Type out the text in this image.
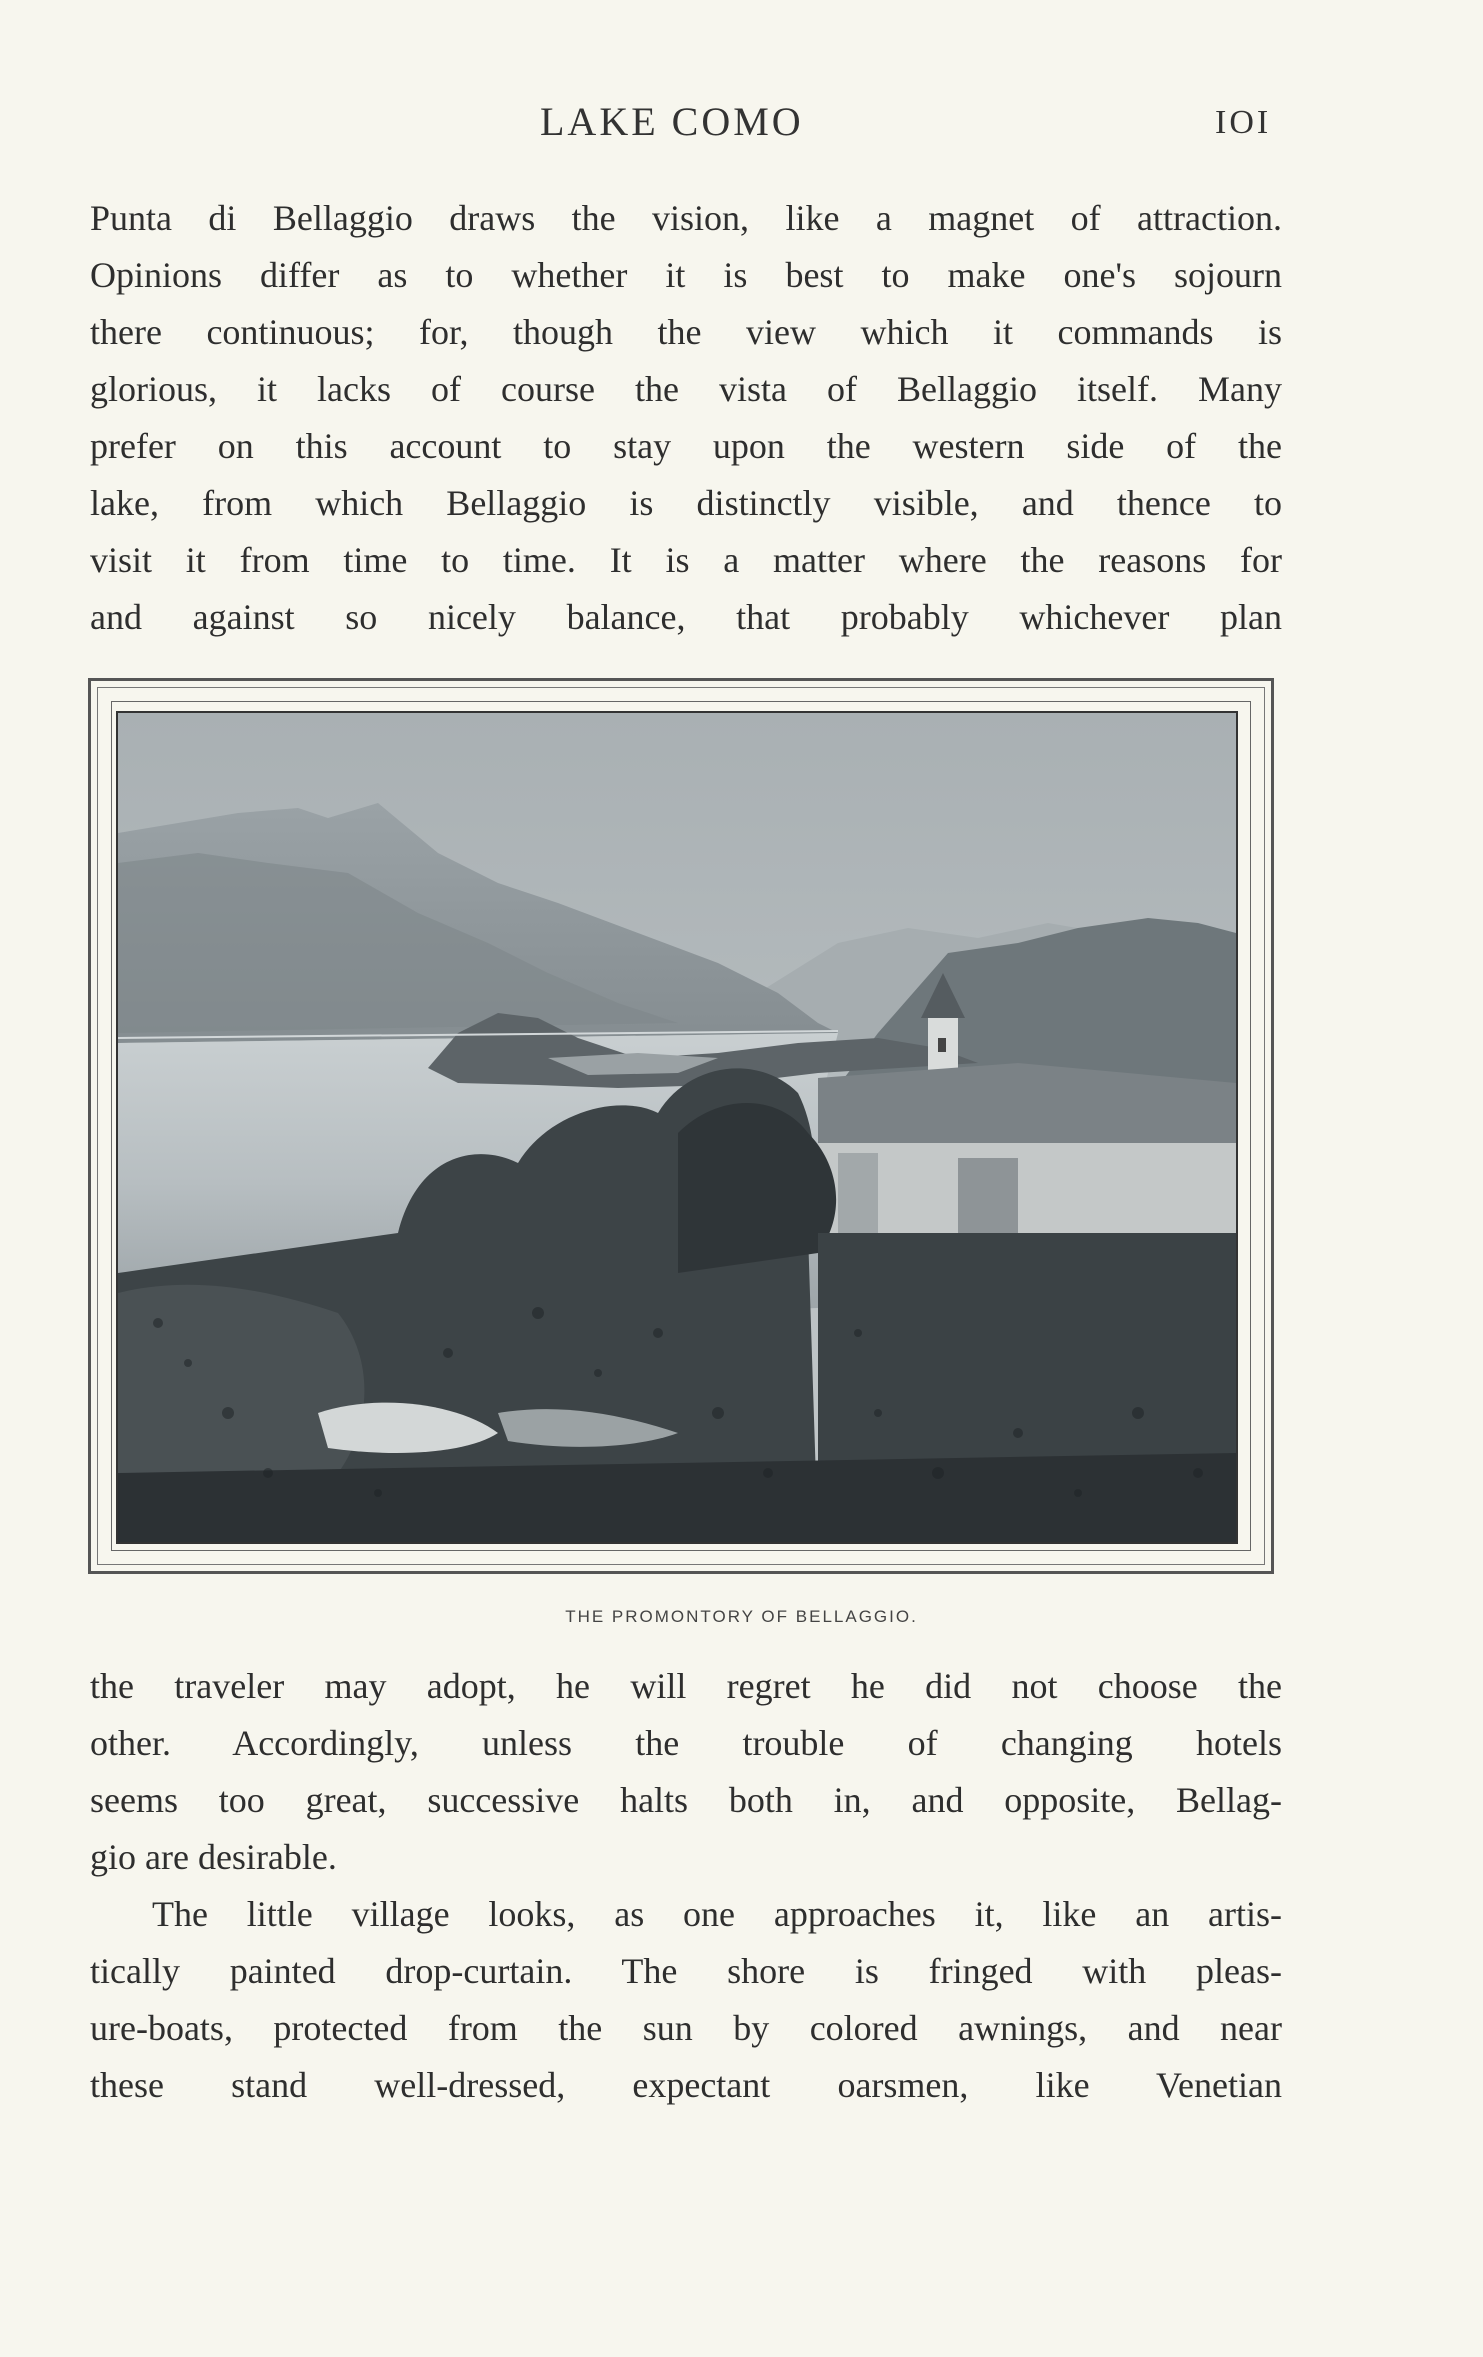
LAKE COMO	IOI

Punta di Bellaggio draws the vision, like a magnet of attraction.
Opinions differ as to whether it is best to make one's sojourn
there continuous; for, though the view which it commands is
glorious, it lacks of course the vista of Bellaggio itself. Many
prefer on this account to stay upon the western side of the
lake, from which Bellaggio is distinctly visible, and thence to
visit it from time to time. It is a matter where the reasons for
and against so nicely balance, that probably whichever plan

THE PROMONTORY OF BELLAGGIO.

the traveler may adopt, he will regret he did not choose the
other. Accordingly, unless the trouble of changing hotels
seems too great, successive halts both in, and opposite, Bellag-
gio are desirable.

The little village looks, as one approaches it, like an artis-
tically painted drop-curtain. The shore is fringed with pleas-
ure-boats, protected from the sun by colored awnings, and near
these stand well-dressed, expectant oarsmen, like Venetian
